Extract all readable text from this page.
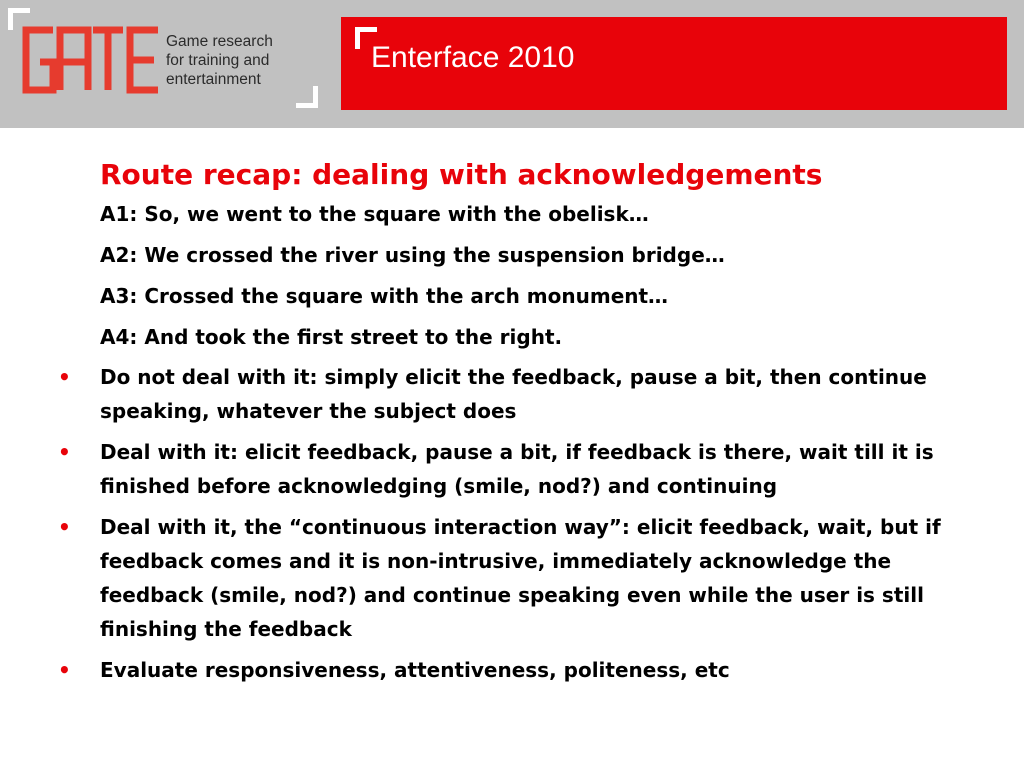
Game research
for training and
entertainment
Enterface 2010
Route recap: dealing with acknowledgements
A1: So, we went to the square with the obelisk…
A2: We crossed the river using the suspension bridge…
A3: Crossed the square with the arch monument…
A4: And took the first street to the right.
• Do not deal with it: simply elicit the feedback, pause a bit, then continue speaking, whatever the subject does
• Deal with it: elicit feedback, pause a bit, if feedback is there, wait till it is finished before acknowledging (smile, nod?) and continuing
• Deal with it, the “continuous interaction way”: elicit feedback, wait, but if feedback comes and it is non-intrusive, immediately acknowledge the feedback (smile, nod?) and continue speaking even while the user is still finishing the feedback
• Evaluate responsiveness, attentiveness, politeness, etc
